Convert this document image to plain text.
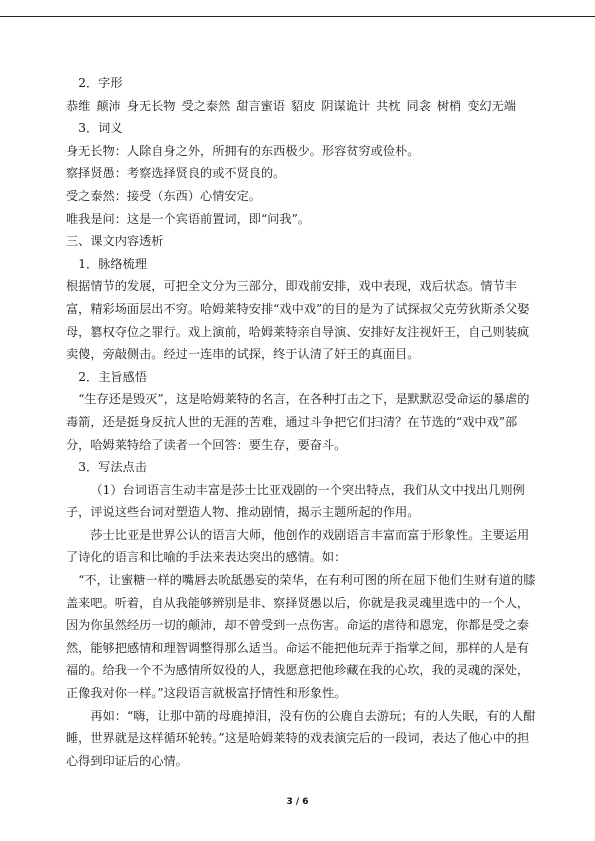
2．字形

恭维 颠沛 身无长物 受之泰然 甜言蜜语 貂皮 阴谋诡计 共枕 同衾 树梢 变幻无端

3．词义

身无长物：人除自身之外，所拥有的东西极少。形容贫穷或俭朴。

察择贤愚：考察选择贤良的或不贤良的。

受之泰然：接受（东西）心情安定。

唯我是问：这是一个宾语前置词，即“问我”。

三、课文内容透析

1．脉络梳理

根据情节的发展，可把全文分为三部分，即戏前安排，戏中表现，戏后状态。情节丰富，精彩场面层出不穷。哈姆莱特安排“戏中戏”的目的是为了试探叔父克劳狄斯杀父娶母，篡权夺位之罪行。戏上演前，哈姆莱特亲自导演、安排好友注视奸王，自己则装疯卖傻，旁敲侧击。经过一连串的试探，终于认清了奸王的真面目。

2．主旨感悟

“生存还是毁灭”，这是哈姆莱特的名言，在各种打击之下，是默默忍受命运的暴虐的毒箭，还是挺身反抗人世的无涯的苦难，通过斗争把它们扫清？在节选的“戏中戏”部分，哈姆莱特给了读者一个回答：要生存，要奋斗。

3．写法点击

（1）台词语言生动丰富是莎士比亚戏剧的一个突出特点，我们从文中找出几则例子，评说这些台词对塑造人物、推动剧情，揭示主题所起的作用。

莎士比亚是世界公认的语言大师，他创作的戏剧语言丰富而富于形象性。主要运用了诗化的语言和比喻的手法来表达突出的感情。如：

“不，让蜜糖一样的嘴唇去吮舐愚妄的荣华，在有利可图的所在屈下他们生财有道的膝盖来吧。听着，自从我能够辨别是非、察择贤愚以后，你就是我灵魂里选中的一个人，因为你虽然经历一切的颠沛，却不曾受到一点伤害。命运的虐待和恩宠，你都是受之泰然，能够把感情和理智调整得那么适当。命运不能把他玩弄于指掌之间，那样的人是有福的。给我一个不为感情所奴役的人，我愿意把他珍藏在我的心坎，我的灵魂的深处，正像我对你一样。”这段语言就极富抒情性和形象性。

再如：“嗨，让那中箭的母鹿掉泪，没有伤的公鹿自去游玩；有的人失眠，有的人酣睡，世界就是这样循环轮转。”这是哈姆莱特的戏表演完后的一段词，表达了他心中的担心得到印证后的心情。

3 / 6
